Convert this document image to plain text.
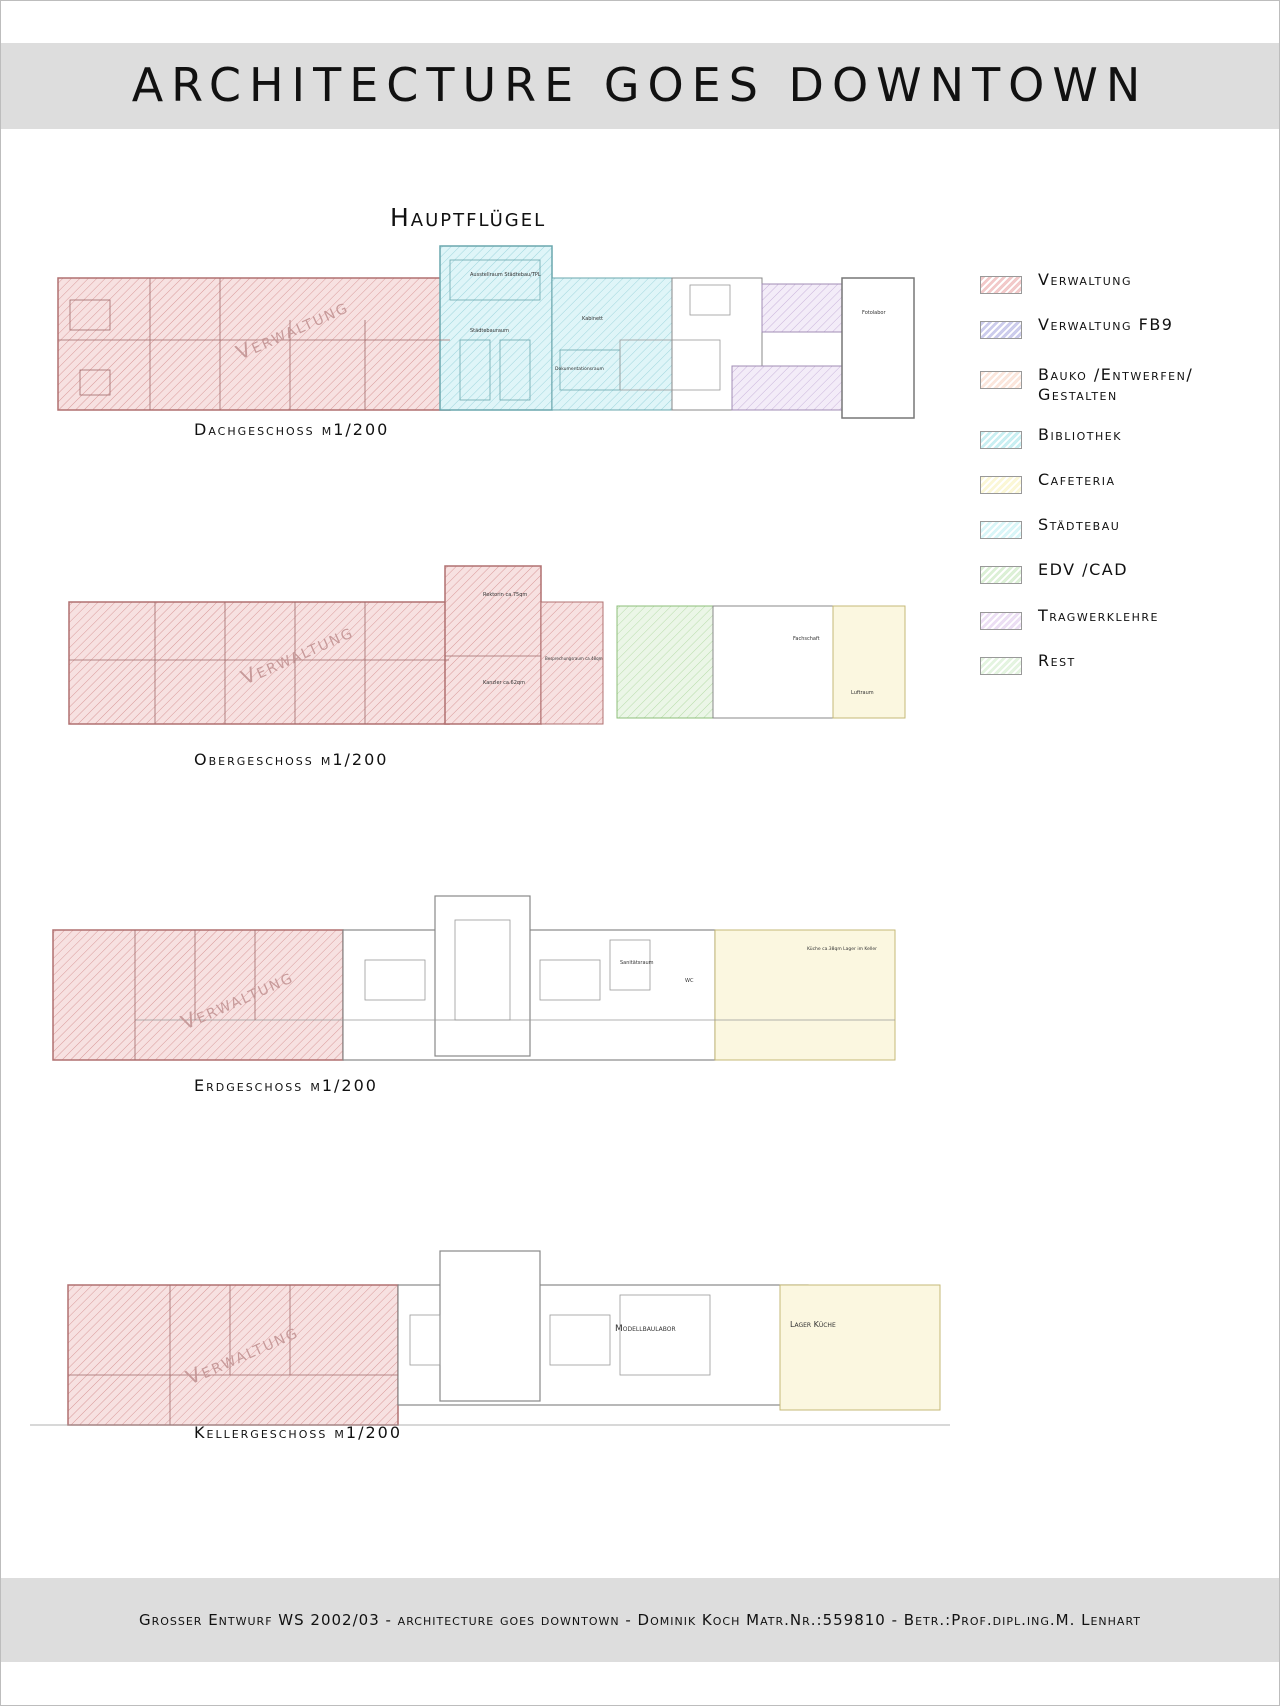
ARCHITECTURE GOES DOWNTOWN
Hauptflügel
Verwaltung
Ausstellraum Städtebau/TPL
Städtebauraum
Kabinett
Dokumentationsraum
Fotolabor
Dachgeschoss m1/200
Verwaltung
Rektorin ca.75qm
Kanzler ca.62qm
Besprechungsraum ca.48qm
Fachschaft
Luftraum
Obergeschoss m1/200
Verwaltung
Sanitätsraum
WC
Küche ca.38qm Lager im Keller
Erdgeschoss m1/200
Verwaltung	Modellbaulabor	Lager Küche
Kellergeschoss m1/200
Verwaltung
Verwaltung FB9
Bauko /Entwerfen/ Gestalten
Bibliothek
Cafeteria
Städtebau
EDV /CAD
Tragwerklehre
Rest
Grosser Entwurf WS 2002/03 - architecture goes downtown - Dominik Koch Matr.Nr.:559810 - Betr.:Prof.dipl.ing.M. Lenhart
